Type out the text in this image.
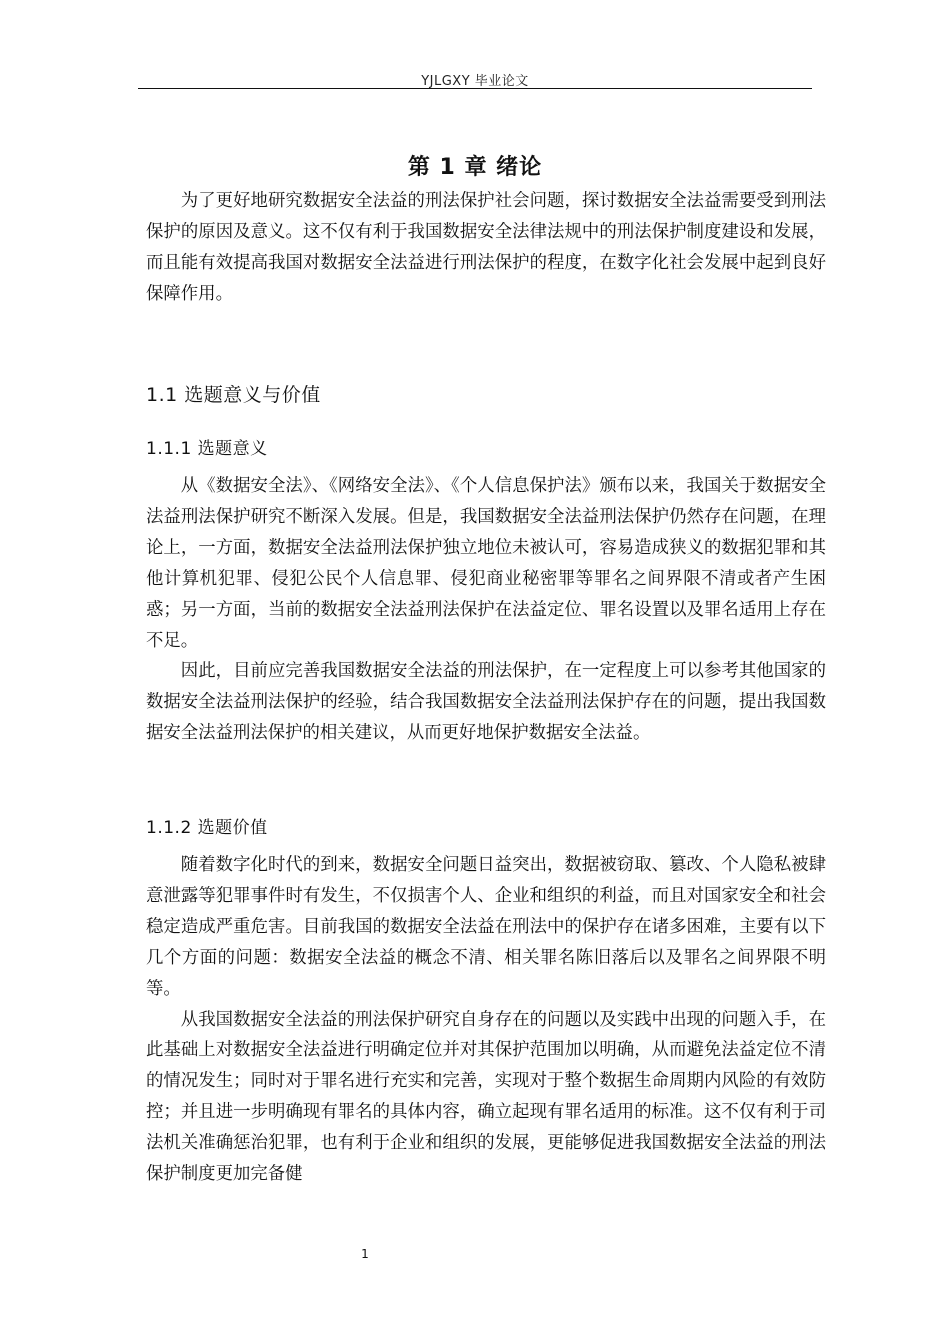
YJLGXY 毕业论文
第 1 章 绪论

为了更好地研究数据安全法益的刑法保护社会问题，探讨数据安全法益需要受到刑法保护的原因及意义。这不仅有利于我国数据安全法律法规中的刑法保护制度建设和发展，而且能有效提高我国对数据安全法益进行刑法保护的程度，在数字化社会发展中起到良好保障作用。

1.1 选题意义与价值
1.1.1 选题意义

从《数据安全法》、《网络安全法》、《个人信息保护法》颁布以来，我国关于数据安全法益刑法保护研究不断深入发展。但是，我国数据安全法益刑法保护仍然存在问题，在理论上，一方面，数据安全法益刑法保护独立地位未被认可，容易造成狭义的数据犯罪和其他计算机犯罪、侵犯公民个人信息罪、侵犯商业秘密罪等罪名之间界限不清或者产生困惑；另一方面，当前的数据安全法益刑法保护在法益定位、罪名设置以及罪名适用上存在不足。

因此，目前应完善我国数据安全法益的刑法保护，在一定程度上可以参考其他国家的数据安全法益刑法保护的经验，结合我国数据安全法益刑法保护存在的问题，提出我国数据安全法益刑法保护的相关建议，从而更好地保护数据安全法益。

1.1.2 选题价值

随着数字化时代的到来，数据安全问题日益突出，数据被窃取、篡改、个人隐私被肆意泄露等犯罪事件时有发生，不仅损害个人、企业和组织的利益，而且对国家安全和社会稳定造成严重危害。目前我国的数据安全法益在刑法中的保护存在诸多困难，主要有以下几个方面的问题：数据安全法益的概念不清、相关罪名陈旧落后以及罪名之间界限不明等。

从我国数据安全法益的刑法保护研究自身存在的问题以及实践中出现的问题入手，在此基础上对数据安全法益进行明确定位并对其保护范围加以明确，从而避免法益定位不清的情况发生；同时对于罪名进行充实和完善，实现对于整个数据生命周期内风险的有效防控；并且进一步明确现有罪名的具体内容，确立起现有罪名适用的标准。这不仅有利于司法机关准确惩治犯罪，也有利于企业和组织的发展，更能够促进我国数据安全法益的刑法保护制度更加完备健

1
